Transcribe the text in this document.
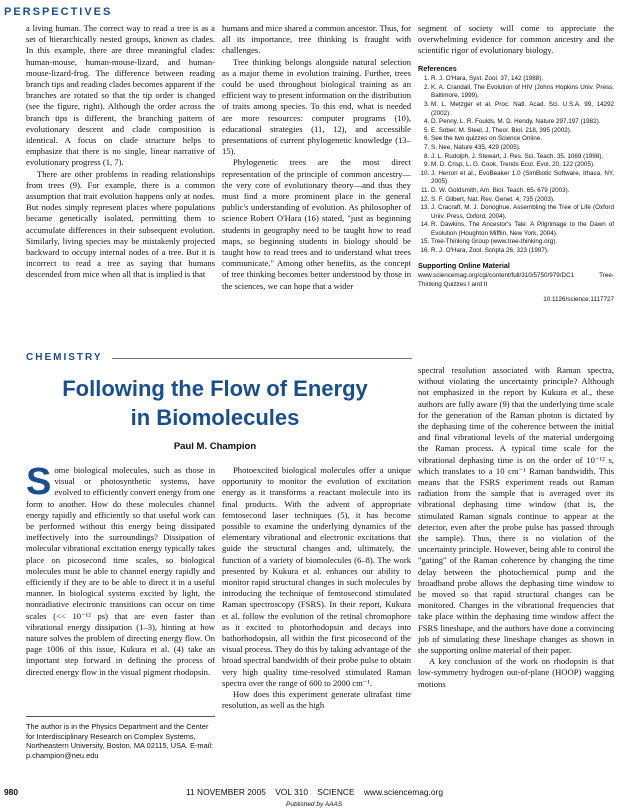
PERSPECTIVES

a living human. The correct way to read a tree is as a set of hierarchically nested groups, known as clades. In this example, there are three meaningful clades: human-mouse, human-mouse-lizard, and human-mouse-lizard-frog. The difference between reading branch tips and reading clades becomes apparent if the branches are rotated so that the tip order is changed (see the figure, right). Although the order across the branch tips is different, the branching pattern of evolutionary descent and clade composition is identical. A focus on clade structure helps to emphasize that there is no single, linear narrative of evolutionary progress (1, 7).

There are other problems in reading relationships from trees (9). For example, there is a common assumption that trait evolution happens only at nodes. But nodes simply represent places where populations became genetically isolated, permitting them to accumulate differences in their subsequent evolution. Similarly, living species may be mistakenly projected backward to occupy internal nodes of a tree. But it is incorrect to read a tree as saying that humans descended from mice when all that is implied is that

humans and mice shared a common ancestor. Thus, for all its importance, tree thinking is fraught with challenges.

Tree thinking belongs alongside natural selection as a major theme in evolution training. Further, trees could be used throughout biological training as an efficient way to present information on the distribution of traits among species. To this end, what is needed are more resources: computer programs (10), educational strategies (11, 12), and accessible presentations of current phylogenetic knowledge (13–15).

Phylogenetic trees are the most direct representation of the principle of common ancestry—the very core of evolutionary theory—and thus they must find a more prominent place in the general public's understanding of evolution. As philosopher of science Robert O'Hara (16) stated, "just as beginning students in geography need to be taught how to read maps, so beginning students in biology should be taught how to read trees and to understand what trees communicate." Among other benefits, as the concept of tree thinking becomes better understood by those in the sciences, we can hope that a wider

segment of society will come to appreciate the overwhelming evidence for common ancestry and the scientific rigor of evolutionary biology.

References
1. R. J. O'Hara, Syst. Zool. 37, 142 (1988).
2. K. A. Crandall, The Evolution of HIV (Johns Hopkins Univ. Press, Baltimore, 1999).
3. M. L. Metzger et al. Proc. Natl. Acad. Sci. U.S.A. 99, 14292 (2002).
4. D. Penny, L. R. Foulds, M. D. Hendy, Nature 297,197 (1982).
5. E. Sober, M. Steel, J. Theor. Biol. 218, 395 (2002).
6. See the two quizzes on Science Online.
7. S. Nee, Nature 435, 429 (2005).
8. J. L. Rudolph, J. Stewart, J. Res. Sci. Teach. 35, 1069 (1998).
9. M. D. Crisp, L. G. Cook, Trends Ecol. Evol. 20, 122 (2005).
10. J. Herron et al., EvoBeaker 1.0 (SimBiotic Software, Ithaca, NY, 2005).
11. D. W. Goldsmith, Am. Biol. Teach. 65, 679 (2003).
12. S. F. Gilbert, Nat. Rev. Genet. 4, 735 (2003).
13. J. Cracraft, M. J. Donoghue, Assembling the Tree of Life (Oxford Univ. Press, Oxford, 2004).
14. R. Dawkins, The Ancestor's Tale: A Pilgrimage to the Dawn of Evolution (Houghton Mifflin, New York, 2004).
15. Tree-Thinking Group (www.tree-thinking.org).
16. R. J. O'Hara, Zool. Scripta 26, 323 (1997).
Supporting Online Material
www.sciencemag.org/cgi/content/full/310/5750/979/DC1 Tree-Thinking Quizzes I and II
10.1126/science.1117727
CHEMISTRY
Following the Flow of Energy
in Biomolecules
Paul M. Champion

Some biological molecules, such as those in visual or photosynthetic systems, have evolved to efficiently convert energy from one form to another. How do these molecules channel energy rapidly and efficiently so that useful work can be performed without this energy being dissipated ineffectively into the surroundings? Dissipation of molecular vibrational excitation energy typically takes place on picosecond time scales, so biological molecules must be able to channel energy rapidly and efficiently if they are to be able to direct it in a useful manner. In biological systems excited by light, the nonradiative electronic transitions can occur on time scales (<< 10⁻¹² ps) that are even faster than vibrational energy dissipation (1–3), hinting at how nature solves the problem of directing energy flow. On page 1006 of this issue, Kukura et al. (4) take an important step forward in defining the process of directed energy flow in the visual pigment rhodopsin.

The author is in the Physics Department and the Center for Interdisciplinary Research on Complex Systems, Northeastern University, Boston, MA 02115, USA. E-mail: p.champion@neu.edu

Photoexcited biological molecules offer a unique opportunity to monitor the evolution of excitation energy as it transforms a reactant molecule into its final products. With the advent of appropriate femtosecond laser techniques (5), it has become possible to examine the underlying dynamics of the elementary vibrational and electronic excitations that guide the structural changes and, ultimately, the function of a variety of biomolecules (6–8). The work presented by Kukura et al. enhances our ability to monitor rapid structural changes in such molecules by introducing the technique of femtosecond stimulated Raman spectroscopy (FSRS). In their report, Kukura et al. follow the evolution of the retinal chromophore as it excited to photorhodopsin and decays into bathorhodopsin, all within the first picosecond of the visual process. They do this by taking advantage of the broad spectral bandwidth of their probe pulse to obtain very high quality time-resolved stimulated Raman spectra over the range of 600 to 2000 cm⁻¹.

How does this experiment generate ultrafast time resolution, as well as the high

spectral resolution associated with Raman spectra, without violating the uncertainty principle? Although not emphasized in the report by Kukura et al., these authors are fully aware (9) that the underlying time scale for the generation of the Raman photon is dictated by the dephasing time of the coherence between the initial and final vibrational levels of the material undergoing the Raman process. A typical time scale for the vibrational dephasing time is on the order of 10⁻¹² s, which translates to a 10 cm⁻¹ Raman bandwidth. This means that the FSRS experiment reads out Raman radiation from the sample that is averaged over its vibrational dephasing time window (that is, the stimulated Raman signals continue to appear at the detector, even after the probe pulse has passed through the sample). Thus, there is no violation of the uncertainty principle. However, being able to control the "gating" of the Raman coherence by changing the time delay between the photochemical pump and the broadband probe allows the dephasing time window to be moved so that rapid structural changes can be monitored. Changes in the vibrational frequencies that take place within the dephasing time window affect the FSRS lineshape, and the authors have done a convincing job of simulating these lineshape changes as shown in the supporting online material of their paper.

A key conclusion of the work on rhodopsin is that low-symmetry hydrogen out-of-plane (HOOP) wagging motions

980	11 NOVEMBER 2005 VOL 310 SCIENCE www.sciencemag.org
Published by AAAS
